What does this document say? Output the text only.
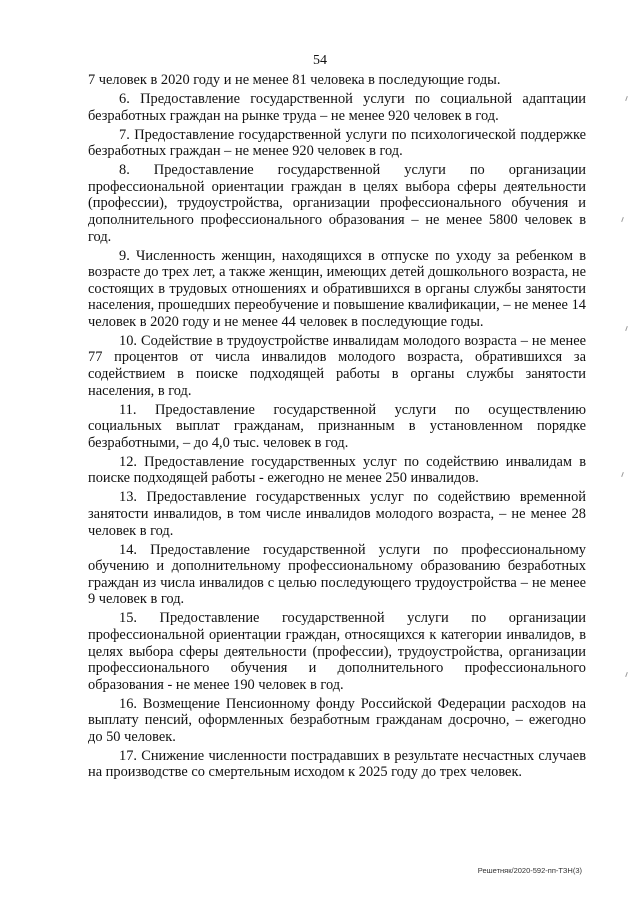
54

7 человек в 2020 году и не менее 81 человека в последующие годы.

6. Предоставление государственной услуги по социальной адаптации безработных граждан на рынке труда – не менее 920 человек в год.

7. Предоставление государственной услуги по психологической поддержке безработных граждан – не менее 920 человек в год.

8. Предоставление государственной услуги по организации профессиональной ориентации граждан в целях выбора сферы деятельности (профессии), трудоустройства, организации профессионального обучения и дополнительного профессионального образования – не менее 5800 человек в год.

9. Численность женщин, находящихся в отпуске по уходу за ребенком в возрасте до трех лет, а также женщин, имеющих детей дошкольного возраста, не состоящих в трудовых отношениях и обратившихся в органы службы занятости населения, прошедших переобучение и повышение квалификации, – не менее 14 человек в 2020 году и не менее 44 человек в последующие годы.

10. Содействие в трудоустройстве инвалидам молодого возраста – не менее 77 процентов от числа инвалидов молодого возраста, обратившихся за содействием в поиске подходящей работы в органы службы занятости населения, в год.

11. Предоставление государственной услуги по осуществлению социальных выплат гражданам, признанным в установленном порядке безработными, – до 4,0 тыс. человек в год.

12. Предоставление государственных услуг по содействию инвалидам в поиске подходящей работы - ежегодно не менее 250 инвалидов.

13. Предоставление государственных услуг по содействию временной занятости инвалидов, в том числе инвалидов молодого возраста, – не менее 28 человек в год.

14. Предоставление государственной услуги по профессиональному обучению и дополнительному профессиональному образованию безработных граждан из числа инвалидов с целью последующего трудоустройства – не менее 9 человек в год.

15. Предоставление государственной услуги по организации профессиональной ориентации граждан, относящихся к категории инвалидов, в целях выбора сферы деятельности (профессии), трудоустройства, организации профессионального обучения и дополнительного профессионального образования - не менее 190 человек в год.

16. Возмещение Пенсионному фонду Российской Федерации расходов на выплату пенсий, оформленных безработным гражданам досрочно, – ежегодно до 50 человек.

17. Снижение численности пострадавших в результате несчастных случаев на производстве со смертельным исходом к 2025 году до трех человек.

Решетняк/2020-592-пп-ТЗН(3)
